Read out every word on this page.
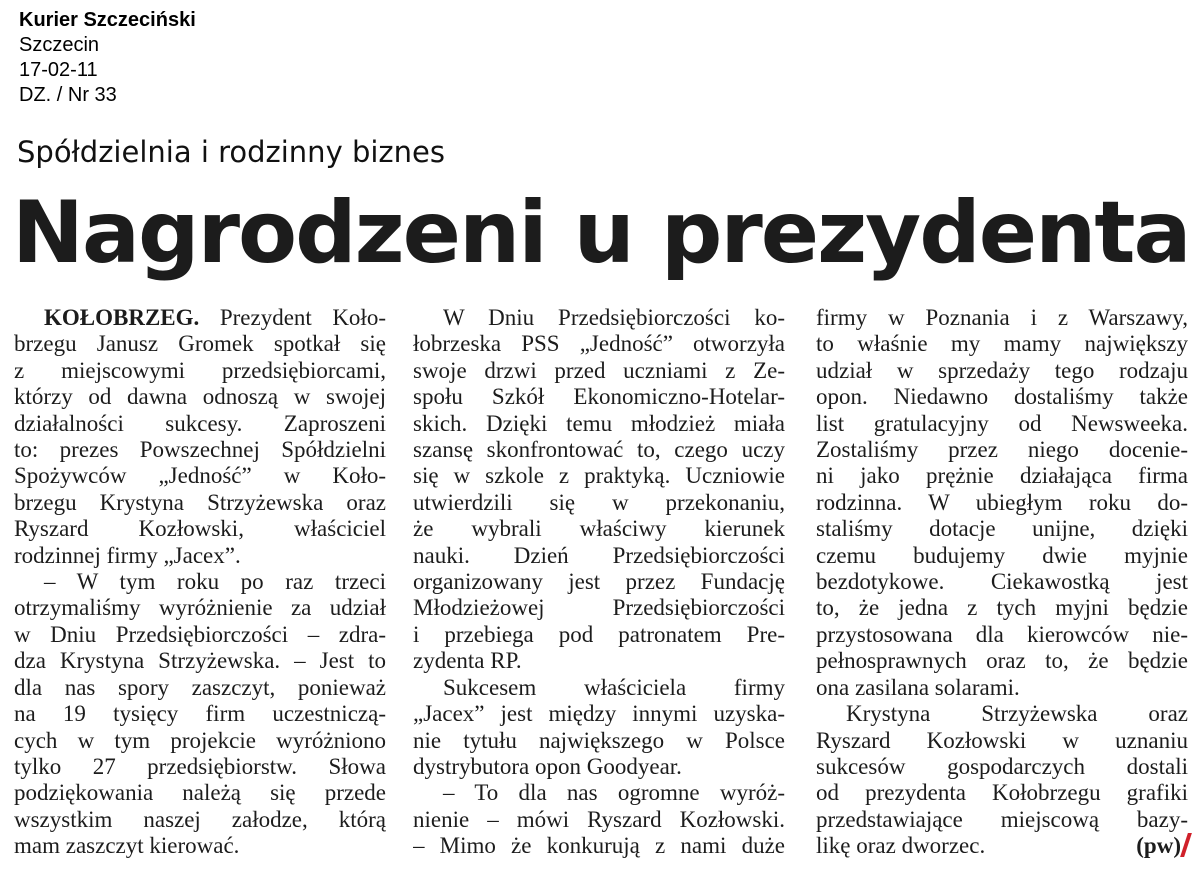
Kurier Szczeciński
Szczecin
17-02-11
DZ. / Nr 33
Spółdzielnia i rodzinny biznes
Nagrodzeni u prezydenta
KOŁOBRZEG. Prezydent Koło-
brzegu Janusz Gromek spotkał się
z miejscowymi przedsiębiorcami,
którzy od dawna odnoszą w swojej
działalności sukcesy. Zaproszeni
to: prezes Powszechnej Spółdzielni
Spożywców „Jedność” w Koło-
brzegu Krystyna Strzyżewska oraz
Ryszard Kozłowski, właściciel
rodzinnej firmy „Jacex”.
– W tym roku po raz trzeci
otrzymaliśmy wyróżnienie za udział
w Dniu Przedsiębiorczości – zdra-
dza Krystyna Strzyżewska. – Jest to
dla nas spory zaszczyt, ponieważ
na 19 tysięcy firm uczestniczą-
cych w tym projekcie wyróżniono
tylko 27 przedsiębiorstw. Słowa
podziękowania należą się przede
wszystkim naszej załodze, którą
mam zaszczyt kierować.
W Dniu Przedsiębiorczości ko-
łobrzeska PSS „Jedność” otworzyła
swoje drzwi przed uczniami z Ze-
społu Szkół Ekonomiczno-Hotelar-
skich. Dzięki temu młodzież miała
szansę skonfrontować to, czego uczy
się w szkole z praktyką. Uczniowie
utwierdzili się w przekonaniu,
że wybrali właściwy kierunek
nauki. Dzień Przedsiębiorczości
organizowany jest przez Fundację
Młodzieżowej Przedsiębiorczości
i przebiega pod patronatem Pre-
zydenta RP.
Sukcesem właściciela firmy
„Jacex” jest między innymi uzyska-
nie tytułu największego w Polsce
dystrybutora opon Goodyear.
– To dla nas ogromne wyróż-
nienie – mówi Ryszard Kozłowski.
– Mimo że konkurują z nami duże
firmy w Poznania i z Warszawy,
to właśnie my mamy największy
udział w sprzedaży tego rodzaju
opon. Niedawno dostaliśmy także
list gratulacyjny od Newsweeka.
Zostaliśmy przez niego docenie-
ni jako prężnie działająca firma
rodzinna. W ubiegłym roku do-
staliśmy dotacje unijne, dzięki
czemu budujemy dwie myjnie
bezdotykowe. Ciekawostką jest
to, że jedna z tych myjni będzie
przystosowana dla kierowców nie-
pełnosprawnych oraz to, że będzie
ona zasilana solarami.
Krystyna Strzyżewska oraz
Ryszard Kozłowski w uznaniu
sukcesów gospodarczych dostali
od prezydenta Kołobrzegu grafiki
przedstawiające miejscową bazy-
likę oraz dworzec.	(pw)
